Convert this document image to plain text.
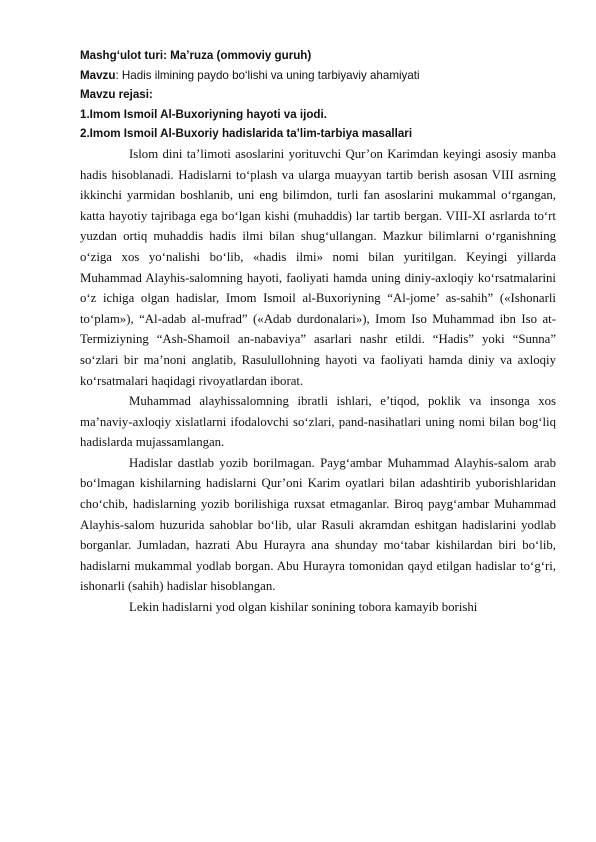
Mashg‘ulot turi: Ma’ruza (ommoviy guruh)

Mavzu: Hadis ilmining paydo bo‘lishi va uning tarbiyaviy ahamiyati

Mavzu rejasi:

1.Imom Ismoil Al-Buxoriyning hayoti va ijodi.

2.Imom Ismoil Al-Buxoriy hadislarida ta’lim-tarbiya masallari

Islom dini ta’limoti asoslarini yorituvchi Qur’on Karimdan keyingi asosiy manba hadis hisoblanadi. Hadislarni to‘plash va ularga muayyan tartib berish asosan VIII asrning ikkinchi yarmidan boshlanib, uni eng bilimdon, turli fan asoslarini mukammal o‘rgangan, katta hayotiy tajribaga ega bo‘lgan kishi (muhaddis) lar tartib bergan. VIII-XI asrlarda to‘rt yuzdan ortiq muhaddis hadis ilmi bilan shug‘ullangan. Mazkur bilimlarni o‘rganishning o‘ziga xos yo‘nalishi bo‘lib, «hadis ilmi» nomi bilan yuritilgan. Keyingi yillarda Muhammad Alayhis-salomning hayoti, faoliyati hamda uning diniy-axloqiy ko‘rsatmalarini o‘z ichiga olgan hadislar, Imom Ismoil al-Buxoriyning “Al-jome’ as-sahih” («Ishonarli to‘plam»), “Al-adab al-mufrad” («Adab durdonalari»), Imom Iso Muhammad ibn Iso at-Termiziyning “Ash-Shamoil an-nabaviya” asarlari nashr etildi. “Hadis” yoki “Sunna” so‘zlari bir ma’noni anglatib, Rasulullohning hayoti va faoliyati hamda diniy va axloqiy ko‘rsatmalari haqidagi rivoyatlardan iborat.

Muhammad alayhissalomning ibratli ishlari, e’tiqod, poklik va insonga xos ma’naviy-axloqiy xislatlarni ifodalovchi so‘zlari, pand-nasihatlari uning nomi bilan bog‘liq hadislarda mujassamlangan.

Hadislar dastlab yozib borilmagan. Payg‘ambar Muhammad Alayhis-salom arab bo‘lmagan kishilarning hadislarni Qur’oni Karim oyatlari bilan adashtirib yuborishlaridan cho‘chib, hadislarning yozib borilishiga ruxsat etmaganlar. Biroq payg‘ambar Muhammad Alayhis-salom huzurida sahoblar bo‘lib, ular Rasuli akramdan eshitgan hadislarini yodlab borganlar. Jumladan, hazrati Abu Hurayra ana shunday mo‘tabar kishilardan biri bo‘lib, hadislarni mukammal yodlab borgan. Abu Hurayra tomonidan qayd etilgan hadislar to‘g‘ri, ishonarli (sahih) hadislar hisoblangan.

Lekin hadislarni yod olgan kishilar sonining tobora kamayib borishi
